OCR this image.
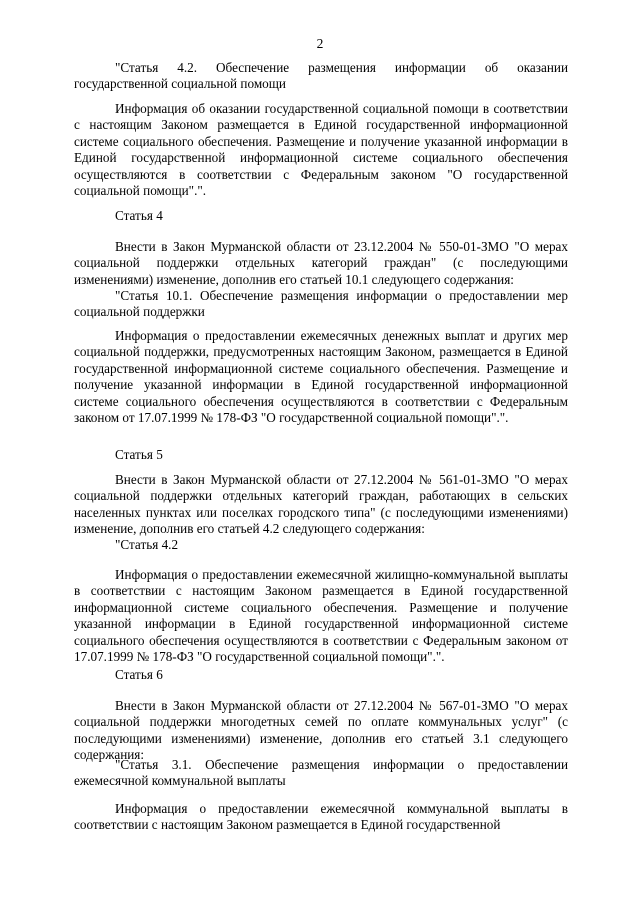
2

"Статья 4.2. Обеспечение размещения информации об оказании государственной социальной помощи

Информация об оказании государственной социальной помощи в соответствии с настоящим Законом размещается в Единой государственной информационной системе социального обеспечения. Размещение и получение указанной информации в Единой государственной информационной системе социального обеспечения осуществляются в соответствии с Федеральным законом "О государственной социальной помощи".".

Статья 4

Внести в Закон Мурманской области от 23.12.2004 № 550-01-ЗМО "О мерах социальной поддержки отдельных категорий граждан" (с последующими изменениями) изменение, дополнив его статьей 10.1 следующего содержания:

"Статья 10.1. Обеспечение размещения информации о предоставлении мер социальной поддержки

Информация о предоставлении ежемесячных денежных выплат и других мер социальной поддержки, предусмотренных настоящим Законом, размещается в Единой государственной информационной системе социального обеспечения. Размещение и получение указанной информации в Единой государственной информационной системе социального обеспечения осуществляются в соответствии с Федеральным законом от 17.07.1999 № 178-ФЗ "О государственной социальной помощи".".

Статья 5

Внести в Закон Мурманской области от 27.12.2004 № 561-01-ЗМО "О мерах социальной поддержки отдельных категорий граждан, работающих в сельских населенных пунктах или поселках городского типа" (с последующими изменениями) изменение, дополнив его статьей 4.2 следующего содержания:

"Статья 4.2

Информация о предоставлении ежемесячной жилищно-коммунальной выплаты в соответствии с настоящим Законом размещается в Единой государственной информационной системе социального обеспечения. Размещение и получение указанной информации в Единой государственной информационной системе социального обеспечения осуществляются в соответствии с Федеральным законом от 17.07.1999 № 178-ФЗ "О государственной социальной помощи".".

Статья 6

Внести в Закон Мурманской области от 27.12.2004 № 567-01-ЗМО "О мерах социальной поддержки многодетных семей по оплате коммунальных услуг" (с последующими изменениями) изменение, дополнив его статьей 3.1 следующего содержания:

"Статья 3.1. Обеспечение размещения информации о предоставлении ежемесячной коммунальной выплаты

Информация о предоставлении ежемесячной коммунальной выплаты в соответствии с настоящим Законом размещается в Единой государственной
